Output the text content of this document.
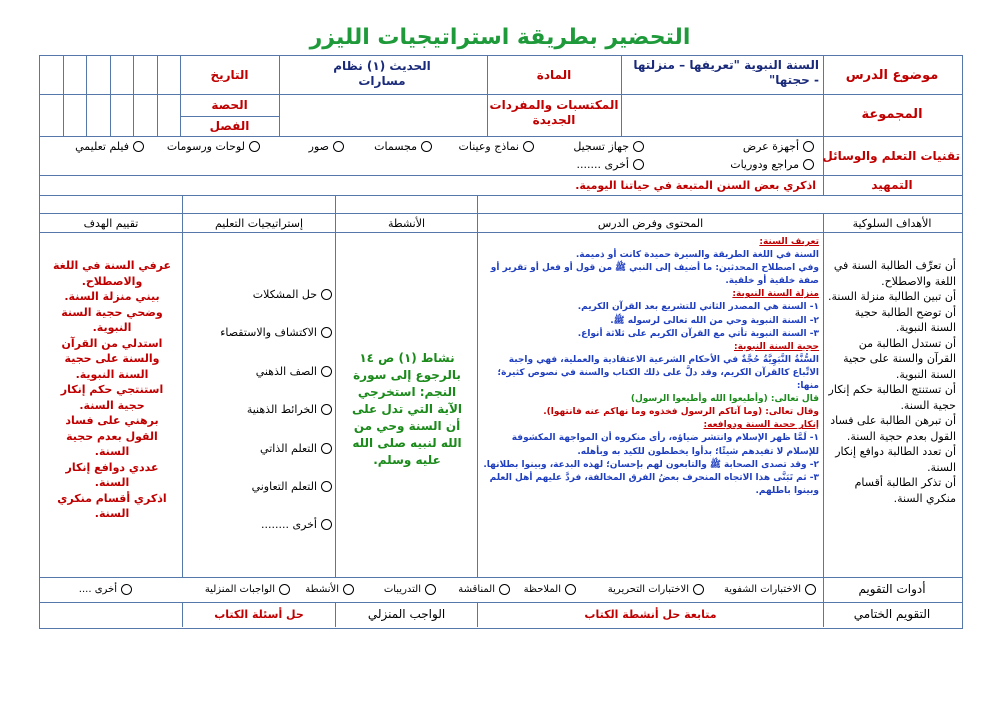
التحضير بطريقة استراتيجيات الليزر
موضوع الدرس
السنة النبوية "تعريفها – منزلتها - حجتها"
المادة
الحديث (١) نظام مسارات
التاريخ
المجموعة
المكتسبات والمفردات الجديدة
الحصة
الفصل
تقنيات التعلم والوسائل
أجهزة عرض
جهاز تسجيل
نماذج وعينات
مجسمات
صور
لوحات ورسومات
فيلم تعليمي
مراجع ودوريات
أخرى .......
التمهيد
اذكري بعض السنن المتبعة في حياتنا اليومية.
الأهداف السلوكية
المحتوى وفرض الدرس
الأنشطة
إستراتيجيات التعليم
تقييم الهدف
أن تعرِّف الطالبة السنة في اللغة والاصطلاح.
أن تبين الطالبة منزلة السنة.
أن توضح الطالبة حجية السنة النبوية.
أن تستدل الطالبة من القرآن والسنة على حجية السنة النبوية.
أن تستنتج الطالبة حكم إنكار حجية السنة.
أن تبرهن الطالبة على فساد القول بعدم حجية السنة.
أن تعدد الطالبة دوافع إنكار السنة.
أن تذكر الطالبة أقسام منكري السنة.
تعريف السنة:
السنة في اللغة الطريقة والسيرة حميدة كانت أو ذميمة.
وفي اصطلاح المحدثين: ما أضيف إلى النبي ﷺ من قول أو فعل أو تقرير أو صفة خلقية أو خلقية.
منزلة السنة النبوية:
١- السنة هي المصدر الثاني للتشريع بعد القرآن الكريم.
٢- السنة النبوية وحي من الله تعالى لرسوله ﷺ.
٣- السنة النبوية تأتي مع القرآن الكريم على ثلاثة أنواع.
حجية السنة النبوية:
السُّنَّةُ النَّبَوِيَّةُ حُجَّةٌ في الأحكام الشرعية الاعتقادية والعملية، فهي واجبة الاتِّباع كالقرآن الكريم، وقد دلَّ على ذلك الكتاب والسنة في نصوص كثيرة؛ منها:
قال تعالى: (وأطيعوا الله وأطيعوا الرسول)
وقال تعالى: (وما آتاكم الرسول فخذوه وما نهاكم عنه فانتهوا).
إنكار حجية السنة ودوافعه:
١- لَمَّا ظهر الإسلام وانتشر ضياؤه، رأى منكروه أن المواجهة المكشوفة للإسلام لا تفيدهم شيئًا؛ بدأوا يخططون للكيد به وبأهله.
٢- وقد تصدى الصحابة ﷺ والتابعون لهم بإحسان؛ لهذه البدعة، وبينوا بطلانها.
٣- ثم تَبَنَّى هذا الاتجاه المنحرف بعضُ الفرق المخالفة، فردَّ عليهم أهل العلم وبينوا باطلهم.
نشاط (١) ص ١٤
بالرجوع إلى سورة النجم: استخرجي الآية التي تدل على أن السنة وحي من الله لنبيه صلى الله عليه وسلم.
حل المشكلات
الاكتشاف والاستقصاء
الصف الذهني
الخرائط الذهنية
التعلم الذاتي
التعلم التعاوني
أخرى ........
عرفي السنة في اللغة والاصطلاح.
بيني منزلة السنة.
وضحي حجية السنة النبوية.
استدلي من القرآن والسنة على حجية السنة النبوية.
استنتجي حكم إنكار حجية السنة.
برهني على فساد القول بعدم حجية السنة.
عددي دوافع إنكار السنة.
اذكري أقسام منكري السنة.
أدوات التقويم
الاختبارات الشفوية
الاختبارات التحريرية
الملاحظة
المناقشة
التدريبات
الأنشطة
الواجبات المنزلية
أخرى ....
التقويم الختامي
متابعة حل أنشطة الكتاب
الواجب المنزلي
حل أسئلة الكتاب
